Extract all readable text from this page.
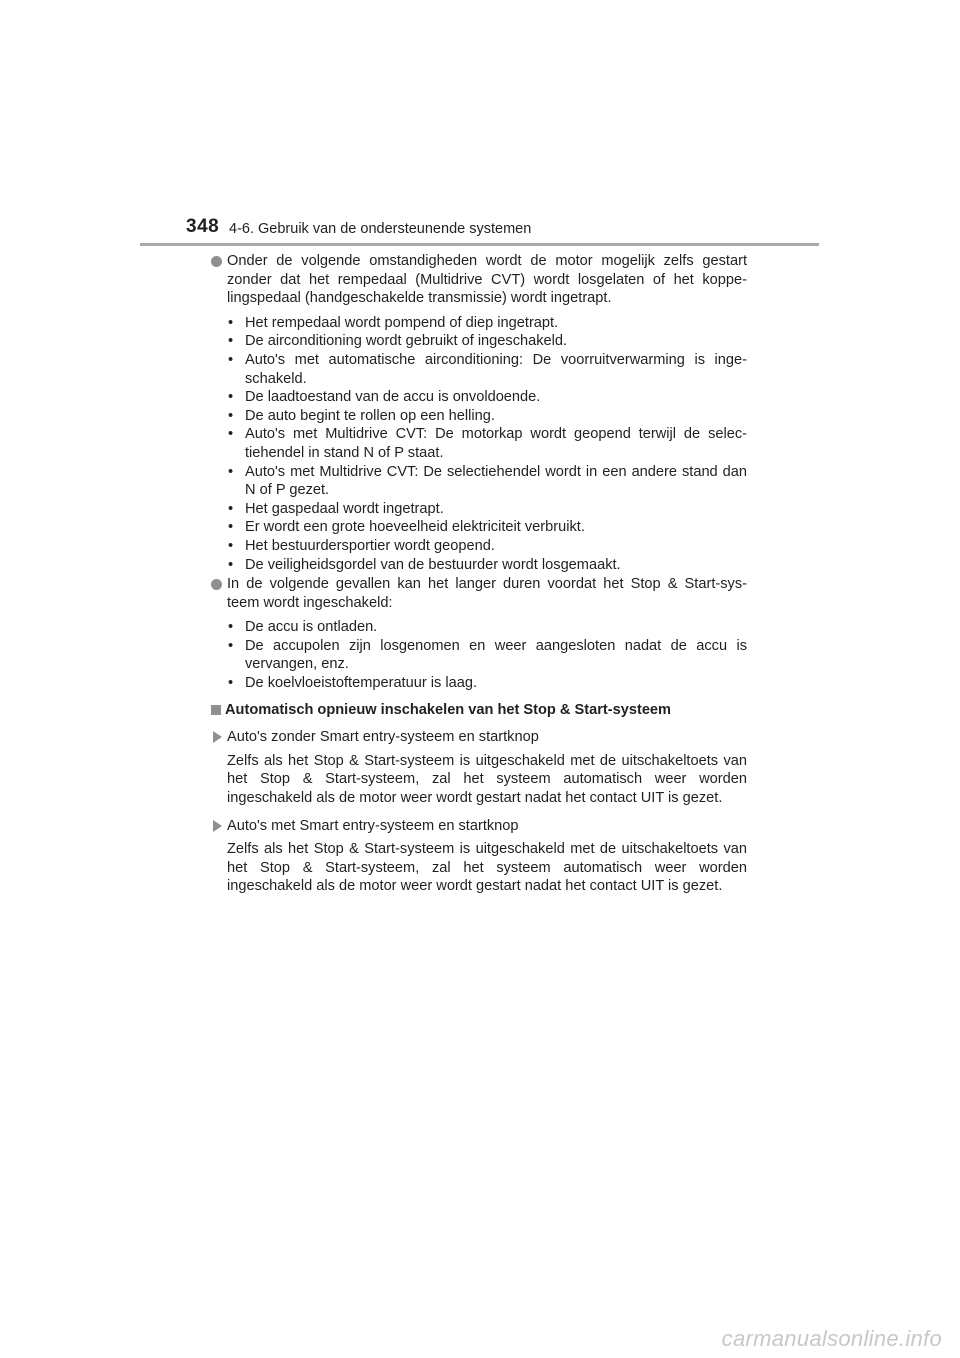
348 4-6. Gebruik van de ondersteunende systemen
Onder de volgende omstandigheden wordt de motor mogelijk zelfs gestart zonder dat het rempedaal (Multidrive CVT) wordt losgelaten of het koppe- lingspedaal (handgeschakelde transmissie) wordt ingetrapt.
• Het rempedaal wordt pompend of diep ingetrapt.
• De airconditioning wordt gebruikt of ingeschakeld.
• Auto's met automatische airconditioning: De voorruitverwarming is inge- schakeld.
• De laadtoestand van de accu is onvoldoende.
• De auto begint te rollen op een helling.
• Auto's met Multidrive CVT: De motorkap wordt geopend terwijl de selec- tiehendel in stand N of P staat.
• Auto's met Multidrive CVT: De selectiehendel wordt in een andere stand dan N of P gezet.
• Het gaspedaal wordt ingetrapt.
• Er wordt een grote hoeveelheid elektriciteit verbruikt.
• Het bestuurdersportier wordt geopend.
• De veiligheidsgordel van de bestuurder wordt losgemaakt.
In de volgende gevallen kan het langer duren voordat het Stop & Start-sys- teem wordt ingeschakeld:
• De accu is ontladen.
• De accupolen zijn losgenomen en weer aangesloten nadat de accu is vervangen, enz.
• De koelvloeistoftemperatuur is laag.
Automatisch opnieuw inschakelen van het Stop & Start-systeem
Auto's zonder Smart entry-systeem en startknop
Zelfs als het Stop & Start-systeem is uitgeschakeld met de uitschakeltoets van het Stop & Start-systeem, zal het systeem automatisch weer worden ingeschakeld als de motor weer wordt gestart nadat het contact UIT is gezet.
Auto's met Smart entry-systeem en startknop
Zelfs als het Stop & Start-systeem is uitgeschakeld met de uitschakeltoets van het Stop & Start-systeem, zal het systeem automatisch weer worden ingeschakeld als de motor weer wordt gestart nadat het contact UIT is gezet.
carmanualsonline.info
